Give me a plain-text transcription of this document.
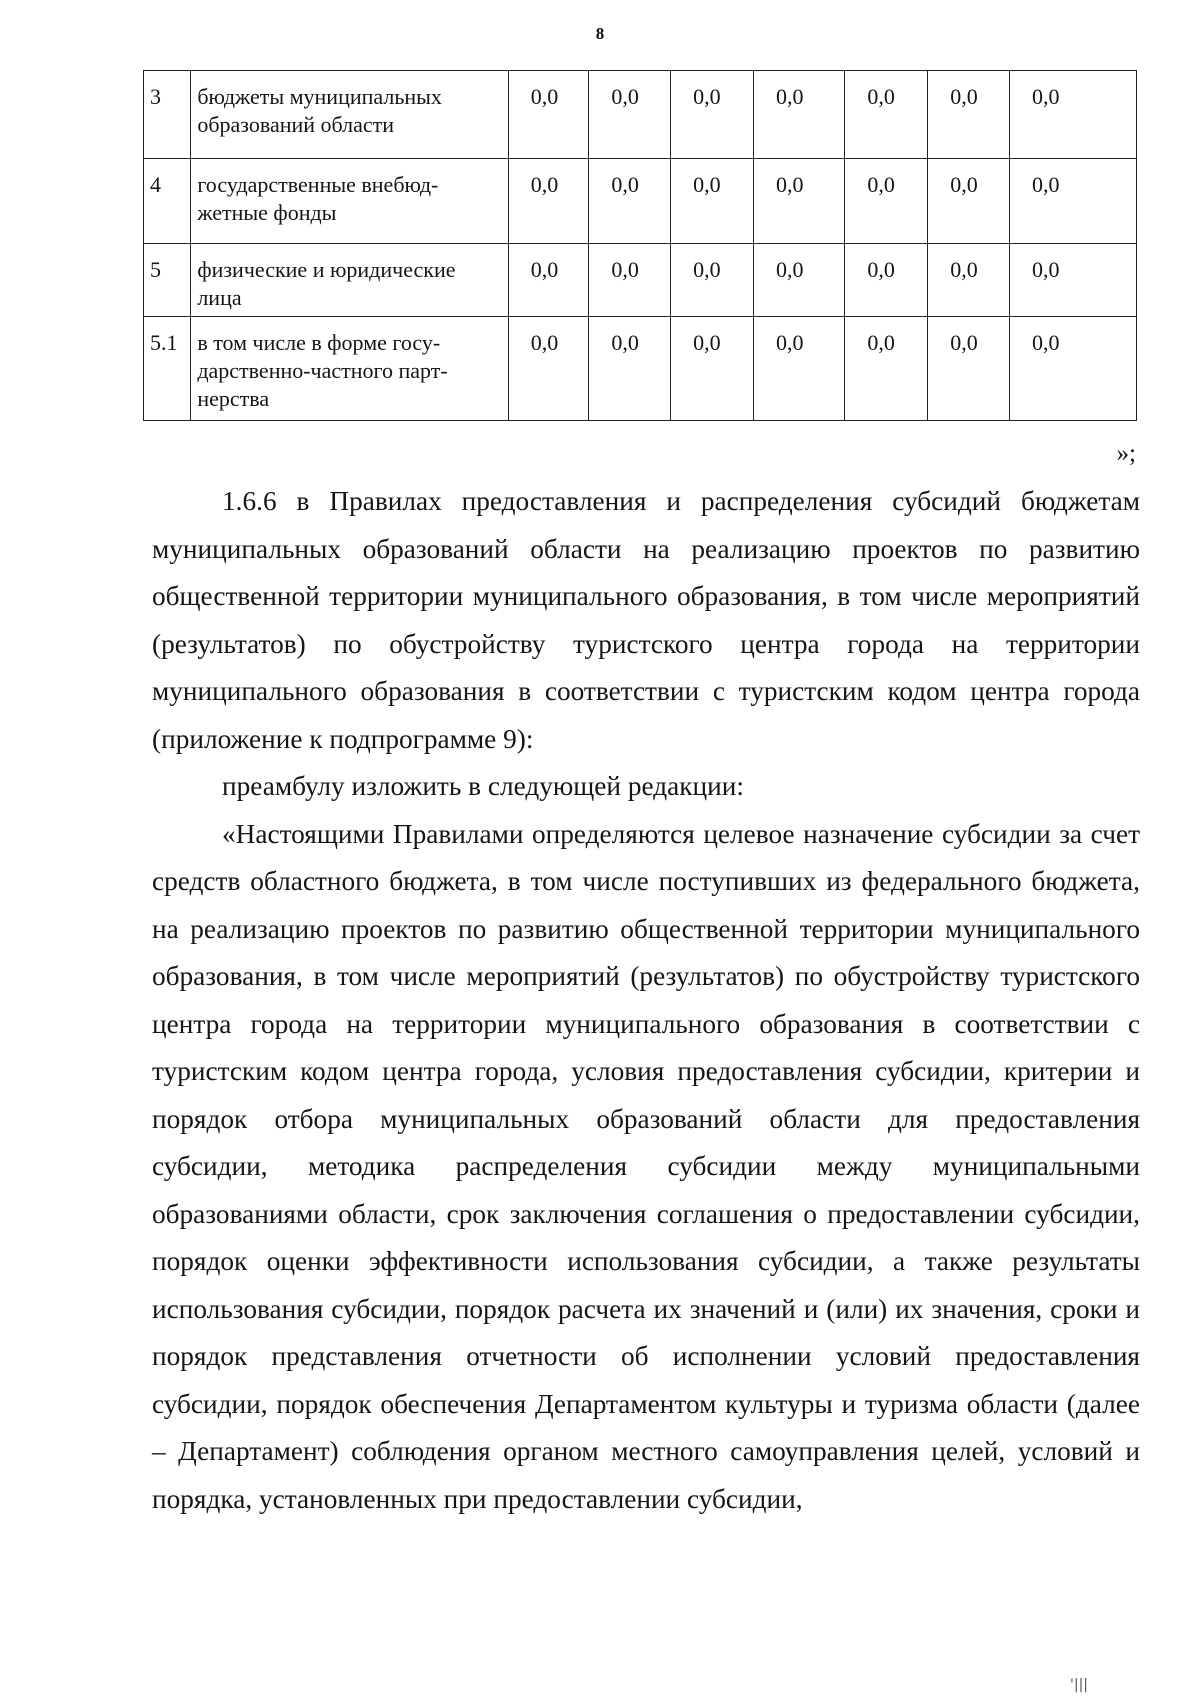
8
3	бюджеты муниципальных образований области	0,0	0,0	0,0	0,0	0,0	0,0	0,0
4	государственные внебюд-жетные фонды	0,0	0,0	0,0	0,0	0,0	0,0	0,0
5	физические и юридические лица	0,0	0,0	0,0	0,0	0,0	0,0	0,0
5.1	в том числе в форме госу-дарственно-частного парт-нерства	0,0	0,0	0,0	0,0	0,0	0,0	0,0
»;

1.6.6 в Правилах предоставления и распределения субсидий бюджетам муниципальных образований области на реализацию проектов по развитию общественной территории муниципального образования, в том числе мероприятий (результатов) по обустройству туристского центра города на территории муниципального образования в соответствии с туристским кодом центра города (приложение к подпрограмме 9):

преамбулу изложить в следующей редакции:

«Настоящими Правилами определяются целевое назначение субсидии за счет средств областного бюджета, в том числе поступивших из федерального бюджета, на реализацию проектов по развитию общественной территории муниципального образования, в том числе мероприятий (результатов) по обустройству туристского центра города на территории муниципального образования в соответствии с туристским кодом центра города, условия предоставления субсидии, критерии и порядок отбора муниципальных образований области для предоставления субсидии, методика распределения субсидии между муниципальными образованиями области, срок заключения соглашения о предоставлении субсидии, порядок оценки эффективности использования субсидии, а также результаты использования субсидии, порядок расчета их значений и (или) их значения, сроки и порядок представления отчетности об исполнении условий предоставления субсидии, порядок обеспечения Департаментом культуры и туризма области (далее – Департамент) соблюдения органом местного самоуправления целей, условий и порядка, установленных при предоставлении субсидии,

'|||
